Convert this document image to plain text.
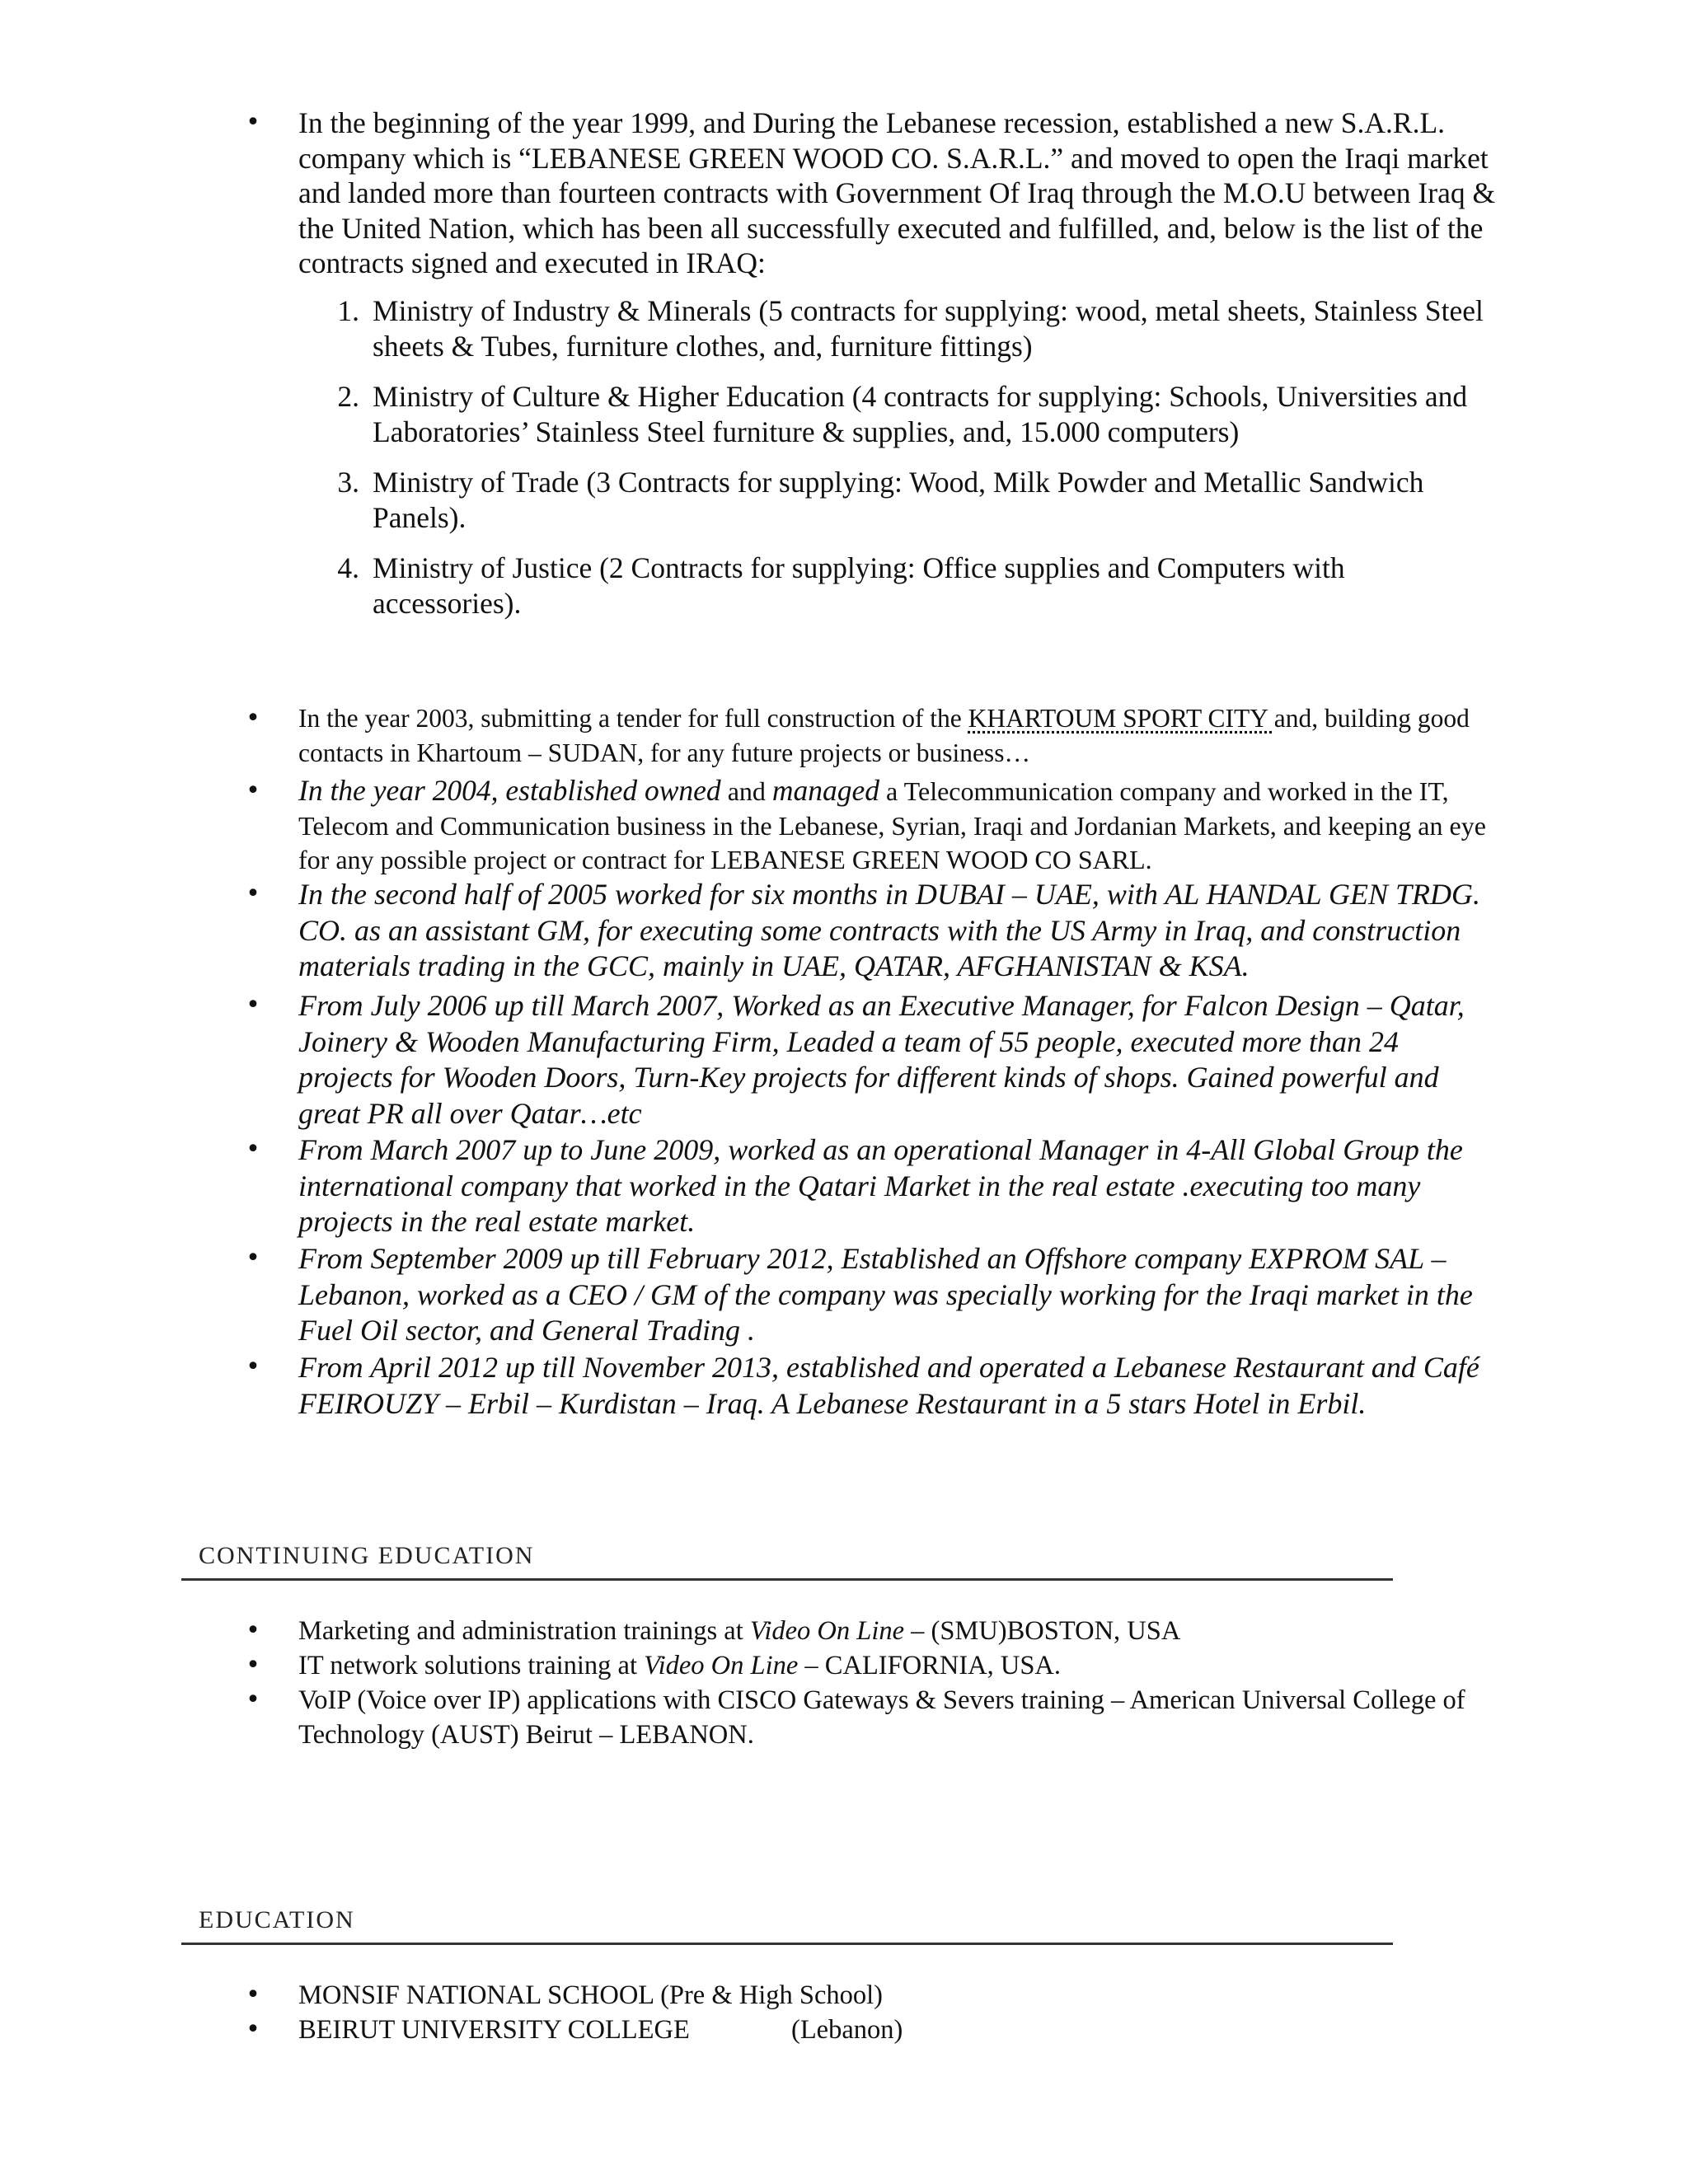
• In the beginning of the year 1999, and During the Lebanese recession, established a new S.A.R.L. company which is “LEBANESE GREEN WOOD CO. S.A.R.L.” and moved to open the Iraqi market and landed more than fourteen contracts with Government Of Iraq through the M.O.U between Iraq & the United Nation, which has been all successfully executed and fulfilled, and, below is the list of the contracts signed and executed in IRAQ:
1. Ministry of Industry & Minerals (5 contracts for supplying: wood, metal sheets, Stainless Steel sheets & Tubes, furniture clothes, and, furniture fittings)
2. Ministry of Culture & Higher Education (4 contracts for supplying: Schools, Universities and Laboratories’ Stainless Steel furniture & supplies, and, 15.000 computers)
3. Ministry of Trade (3 Contracts for supplying: Wood, Milk Powder and Metallic Sandwich Panels).
4. Ministry of Justice (2 Contracts for supplying: Office supplies and Computers with accessories).
• In the year 2003, submitting a tender for full construction of the KHARTOUM SPORT CITY and, building good contacts in Khartoum – SUDAN, for any future projects or business…
• In the year 2004, established owned and managed a Telecommunication company and worked in the IT, Telecom and Communication business in the Lebanese, Syrian, Iraqi and Jordanian Markets, and keeping an eye for any possible project or contract for LEBANESE GREEN WOOD CO SARL.
• In the second half of 2005 worked for six months in DUBAI – UAE, with AL HANDAL GEN TRDG. CO. as an assistant GM, for executing some contracts with the US Army in Iraq, and construction materials trading in the GCC, mainly in UAE, QATAR, AFGHANISTAN & KSA.
• From July 2006 up till March 2007, Worked as an Executive Manager, for Falcon Design – Qatar, Joinery & Wooden Manufacturing Firm, Leaded a team of 55 people, executed more than 24 projects for Wooden Doors, Turn-Key projects for different kinds of shops. Gained powerful and great PR all over Qatar…etc
• From March 2007 up to June 2009, worked as an operational Manager in 4-All Global Group the international company that worked in the Qatari Market in the real estate .executing too many projects in the real estate market.
• From September 2009 up till February 2012, Established an Offshore company EXPROM SAL – Lebanon, worked as a CEO / GM of the company was specially working for the Iraqi market in the Fuel Oil sector, and General Trading .
• From April 2012 up till November 2013, established and operated a Lebanese Restaurant and Café FEIROUZY – Erbil – Kurdistan – Iraq. A Lebanese Restaurant in a 5 stars Hotel in Erbil.
CONTINUING EDUCATION
• Marketing and administration trainings at Video On Line – (SMU)BOSTON, USA
• IT network solutions training at Video On Line – CALIFORNIA, USA.
• VoIP (Voice over IP) applications with CISCO Gateways & Severs training – American Universal College of Technology (AUST) Beirut – LEBANON.
EDUCATION
• MONSIF NATIONAL SCHOOL (Pre & High School)
• BEIRUT UNIVERSITY COLLEGE	(Lebanon)
